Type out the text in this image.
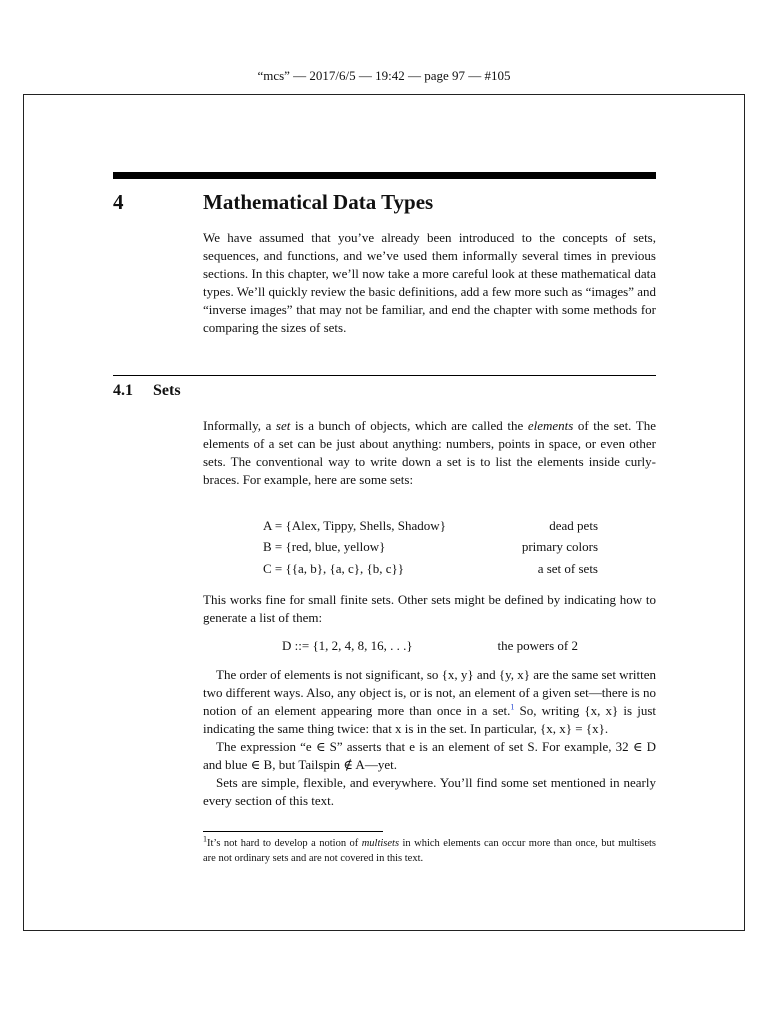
“mcs” — 2017/6/5 — 19:42 — page 97 — #105
4	Mathematical Data Types

We have assumed that you’ve already been introduced to the concepts of sets, sequences, and functions, and we’ve used them informally several times in previous sections. In this chapter, we’ll now take a more careful look at these mathematical data types. We’ll quickly review the basic definitions, add a few more such as “images” and “inverse images” that may not be familiar, and end the chapter with some methods for comparing the sizes of sets.

4.1 Sets

Informally, a set is a bunch of objects, which are called the elements of the set. The elements of a set can be just about anything: numbers, points in space, or even other sets. The conventional way to write down a set is to list the elements inside curly-braces. For example, here are some sets:

A = {Alex, Tippy, Shells, Shadow}	dead pets
B = {red, blue, yellow}	primary colors
C = {{a, b}, {a, c}, {b, c}}	a set of sets

This works fine for small finite sets. Other sets might be defined by indicating how to generate a list of them:

D ::= {1, 2, 4, 8, 16, . . .}	the powers of 2

The order of elements is not significant, so {x, y} and {y, x} are the same set written two different ways. Also, any object is, or is not, an element of a given set—there is no notion of an element appearing more than once in a set.$^1$ So, writing {x, x} is just indicating the same thing twice: that x is in the set. In particular, {x, x} = {x}.

The expression “e ∈ S” asserts that e is an element of set S. For example, 32 ∈ D and blue ∈ B, but Tailspin ∉ A—yet.

Sets are simple, flexible, and everywhere. You’ll find some set mentioned in nearly every section of this text.

$^1$It’s not hard to develop a notion of multisets in which elements can occur more than once, but multisets are not ordinary sets and are not covered in this text.
